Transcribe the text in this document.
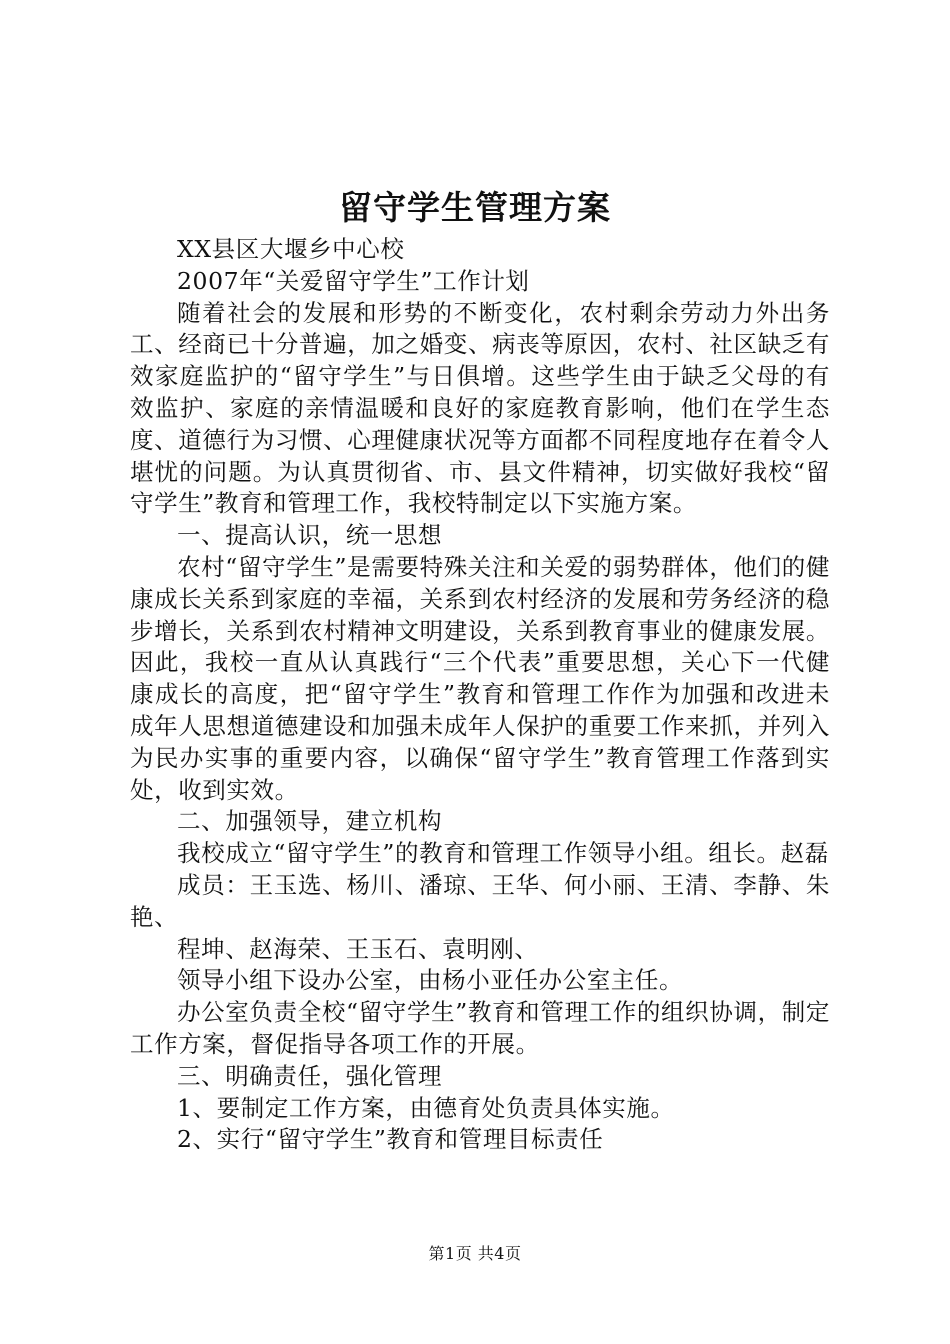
留守学生管理方案

XX县区大堰乡中心校

2007年“关爱留守学生”工作计划

随着社会的发展和形势的不断变化，农村剩余劳动力外出务工、经商已十分普遍，加之婚变、病丧等原因，农村、社区缺乏有效家庭监护的“留守学生”与日俱增。这些学生由于缺乏父母的有效监护、家庭的亲情温暖和良好的家庭教育影响，他们在学生态度、道德行为习惯、心理健康状况等方面都不同程度地存在着令人堪忧的问题。为认真贯彻省、市、县文件精神，切实做好我校“留守学生”教育和管理工作，我校特制定以下实施方案。

一、提高认识，统一思想

农村“留守学生”是需要特殊关注和关爱的弱势群体，他们的健康成长关系到家庭的幸福，关系到农村经济的发展和劳务经济的稳步增长，关系到农村精神文明建设，关系到教育事业的健康发展。因此，我校一直从认真践行“三个代表”重要思想，关心下一代健康成长的高度，把“留守学生”教育和管理工作作为加强和改进未成年人思想道德建设和加强未成年人保护的重要工作来抓，并列入为民办实事的重要内容，以确保“留守学生”教育管理工作落到实处，收到实效。

二、加强领导，建立机构

我校成立“留守学生”的教育和管理工作领导小组。组长。赵磊

成员：王玉选、杨川、潘琼、王华、何小丽、王清、李静、朱艳、

程坤、赵海荣、王玉石、袁明刚、

领导小组下设办公室，由杨小亚任办公室主任。

办公室负责全校“留守学生”教育和管理工作的组织协调，制定工作方案，督促指导各项工作的开展。

三、明确责任，强化管理

1、要制定工作方案，由德育处负责具体实施。

2、实行“留守学生”教育和管理目标责任

第1页 共4页
